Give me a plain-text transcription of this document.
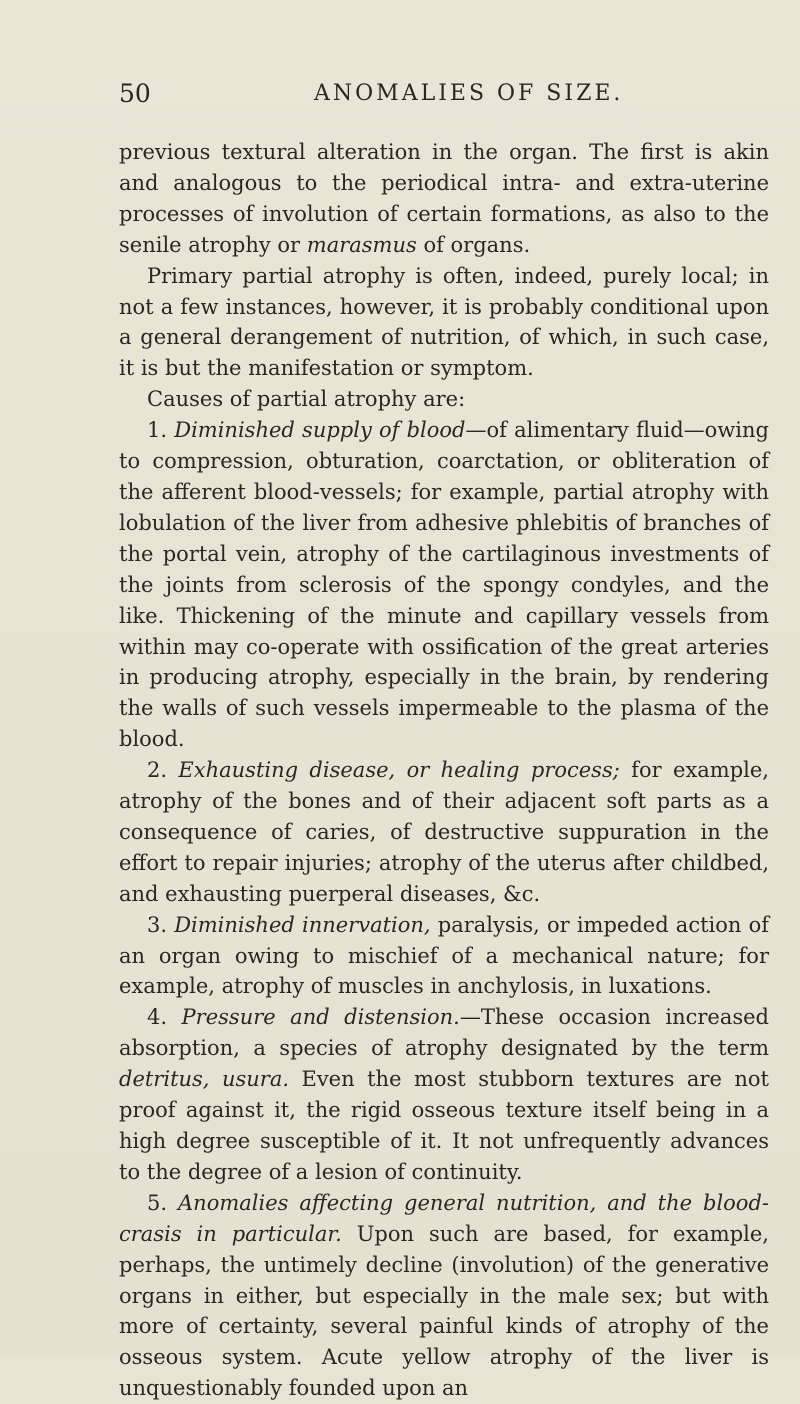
50	ANOMALIES OF SIZE.

previous textural alteration in the organ. The first is akin and analogous to the periodical intra- and extra-uterine processes of involution of certain formations, as also to the senile atrophy or marasmus of organs.

Primary partial atrophy is often, indeed, purely local; in not a few instances, however, it is probably conditional upon a general derangement of nutrition, of which, in such case, it is but the manifestation or symptom.

Causes of partial atrophy are:

1. Diminished supply of blood—of alimentary fluid—owing to compression, obturation, coarctation, or obliteration of the afferent blood-vessels; for example, partial atrophy with lobulation of the liver from adhesive phlebitis of branches of the portal vein, atrophy of the cartilaginous investments of the joints from sclerosis of the spongy condyles, and the like. Thickening of the minute and capillary vessels from within may co-operate with ossification of the great arteries in producing atrophy, especially in the brain, by rendering the walls of such vessels impermeable to the plasma of the blood.

2. Exhausting disease, or healing process; for example, atrophy of the bones and of their adjacent soft parts as a consequence of caries, of destructive suppuration in the effort to repair injuries; atrophy of the uterus after childbed, and exhausting puerperal diseases, &c.

3. Diminished innervation, paralysis, or impeded action of an organ owing to mischief of a mechanical nature; for example, atrophy of muscles in anchylosis, in luxations.

4. Pressure and distension.—These occasion increased absorption, a species of atrophy designated by the term detritus, usura. Even the most stubborn textures are not proof against it, the rigid osseous texture itself being in a high degree susceptible of it. It not unfrequently advances to the degree of a lesion of continuity.

5. Anomalies affecting general nutrition, and the blood-crasis in particular. Upon such are based, for example, perhaps, the untimely decline (involution) of the generative organs in either, but especially in the male sex; but with more of certainty, several painful kinds of atrophy of the osseous system. Acute yellow atrophy of the liver is unquestionably founded upon an
